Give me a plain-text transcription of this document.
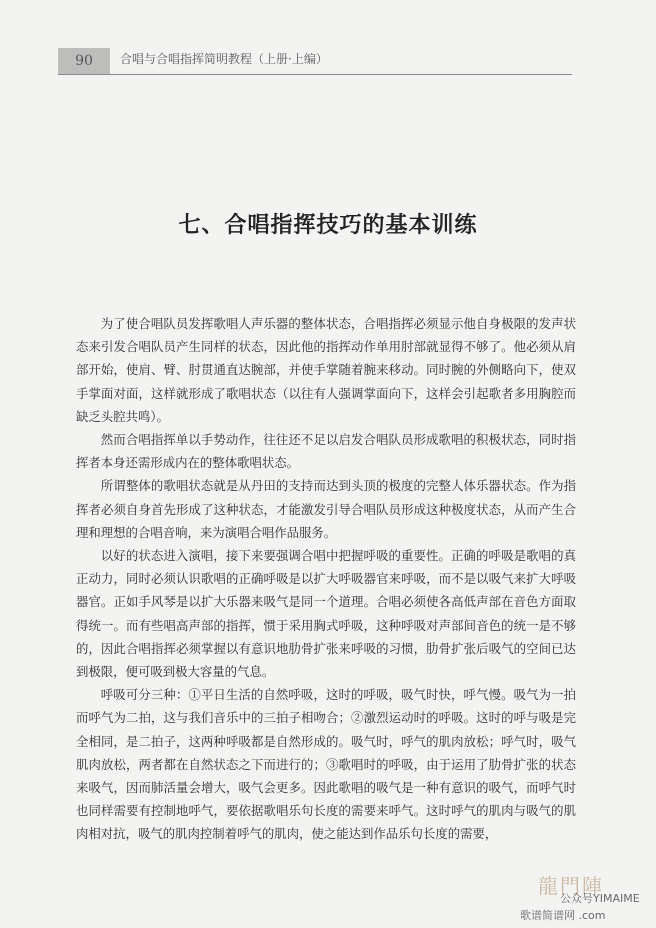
90	合唱与合唱指挥简明教程（上册·上编）
七、合唱指挥技巧的基本训练

为了使合唱队员发挥歌唱人声乐器的整体状态，合唱指挥必须显示他自身极限的发声状态来引发合唱队员产生同样的状态，因此他的指挥动作单用肘部就显得不够了。他必须从肩部开始，使肩、臂、肘贯通直达腕部，并使手掌随着腕来移动。同时腕的外侧略向下，使双手掌面对面，这样就形成了歌唱状态（以往有人强调掌面向下，这样会引起歌者多用胸腔而缺乏头腔共鸣）。

然而合唱指挥单以手势动作，往往还不足以启发合唱队员形成歌唱的积极状态，同时指挥者本身还需形成内在的整体歌唱状态。

所谓整体的歌唱状态就是从丹田的支持而达到头顶的极度的完整人体乐器状态。作为指挥者必须自身首先形成了这种状态，才能激发引导合唱队员形成这种极度状态，从而产生合理和理想的合唱音响，来为演唱合唱作品服务。

以好的状态进入演唱，接下来要强调合唱中把握呼吸的重要性。正确的呼吸是歌唱的真正动力，同时必须认识歌唱的正确呼吸是以扩大呼吸器官来呼吸，而不是以吸气来扩大呼吸器官。正如手风琴是以扩大乐器来吸气是同一个道理。合唱必须使各高低声部在音色方面取得统一。而有些唱高声部的指挥，惯于采用胸式呼吸，这种呼吸对声部间音色的统一是不够的，因此合唱指挥必须掌握以有意识地肋骨扩张来呼吸的习惯，肋骨扩张后吸气的空间已达到极限，便可吸到极大容量的气息。

呼吸可分三种：①平日生活的自然呼吸，这时的呼吸，吸气时快，呼气慢。吸气为一拍而呼气为二拍，这与我们音乐中的三拍子相吻合；②激烈运动时的呼吸。这时的呼与吸是完全相同，是二拍子，这两种呼吸都是自然形成的。吸气时，呼气的肌肉放松；呼气时，吸气肌肉放松，两者都在自然状态之下而进行的；③歌唱时的呼吸，由于运用了肋骨扩张的状态来吸气，因而肺活量会增大，吸气会更多。因此歌唱的吸气是一种有意识的吸气，而呼气时也同样需要有控制地呼气，要依据歌唱乐句长度的需要来呼气。这时呼气的肌肉与吸气的肌肉相对抗，吸气的肌肉控制着呼气的肌肉，使之能达到作品乐句长度的需要，

龍門陣
公众号YIMAIME
歌谱简谱网 .com
